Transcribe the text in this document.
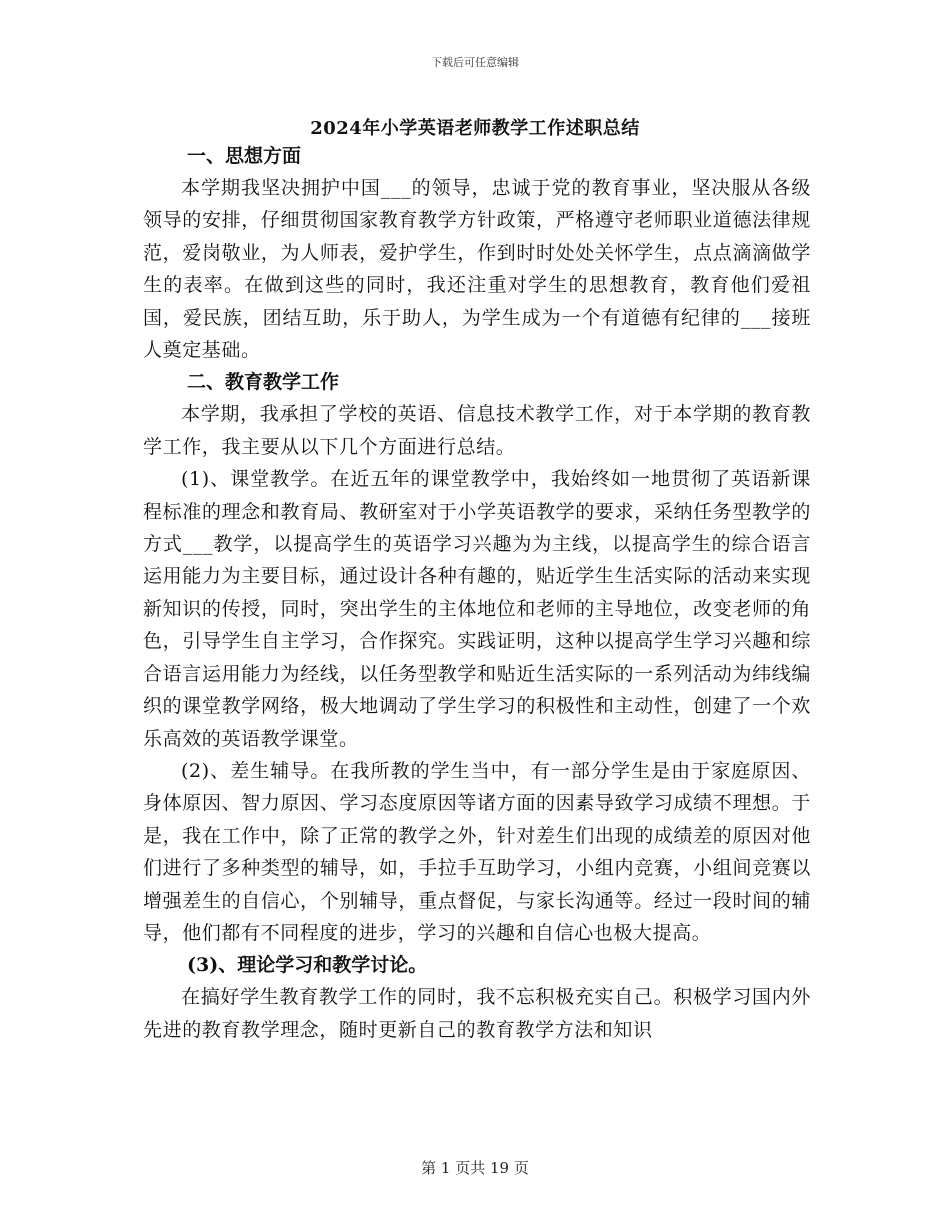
下载后可任意编辑
2024年小学英语老师教学工作述职总结

一、思想方面

本学期我坚决拥护中国___的领导，忠诚于党的教育事业，坚决服从各级领导的安排，仔细贯彻国家教育教学方针政策，严格遵守老师职业道德法律规范，爱岗敬业，为人师表，爱护学生，作到时时处处关怀学生，点点滴滴做学生的表率。在做到这些的同时，我还注重对学生的思想教育，教育他们爱祖国，爱民族，团结互助，乐于助人，为学生成为一个有道德有纪律的___接班人奠定基础。

二、教育教学工作

本学期，我承担了学校的英语、信息技术教学工作，对于本学期的教育教学工作，我主要从以下几个方面进行总结。

(1)、课堂教学。在近五年的课堂教学中，我始终如一地贯彻了英语新课程标准的理念和教育局、教研室对于小学英语教学的要求，采纳任务型教学的方式___教学，以提高学生的英语学习兴趣为为主线，以提高学生的综合语言运用能力为主要目标，通过设计各种有趣的，贴近学生生活实际的活动来实现新知识的传授，同时，突出学生的主体地位和老师的主导地位，改变老师的角色，引导学生自主学习，合作探究。实践证明，这种以提高学生学习兴趣和综合语言运用能力为经线，以任务型教学和贴近生活实际的一系列活动为纬线编织的课堂教学网络，极大地调动了学生学习的积极性和主动性，创建了一个欢乐高效的英语教学课堂。

(2)、差生辅导。在我所教的学生当中，有一部分学生是由于家庭原因、身体原因、智力原因、学习态度原因等诸方面的因素导致学习成绩不理想。于是，我在工作中，除了正常的教学之外，针对差生们出现的成绩差的原因对他们进行了多种类型的辅导，如，手拉手互助学习，小组内竞赛，小组间竞赛以增强差生的自信心，个别辅导，重点督促，与家长沟通等。经过一段时间的辅导，他们都有不同程度的进步，学习的兴趣和自信心也极大提高。

(3)、理论学习和教学讨论。

在搞好学生教育教学工作的同时，我不忘积极充实自己。积极学习国内外先进的教育教学理念，随时更新自己的教育教学方法和知识

第 1 页共 19 页
